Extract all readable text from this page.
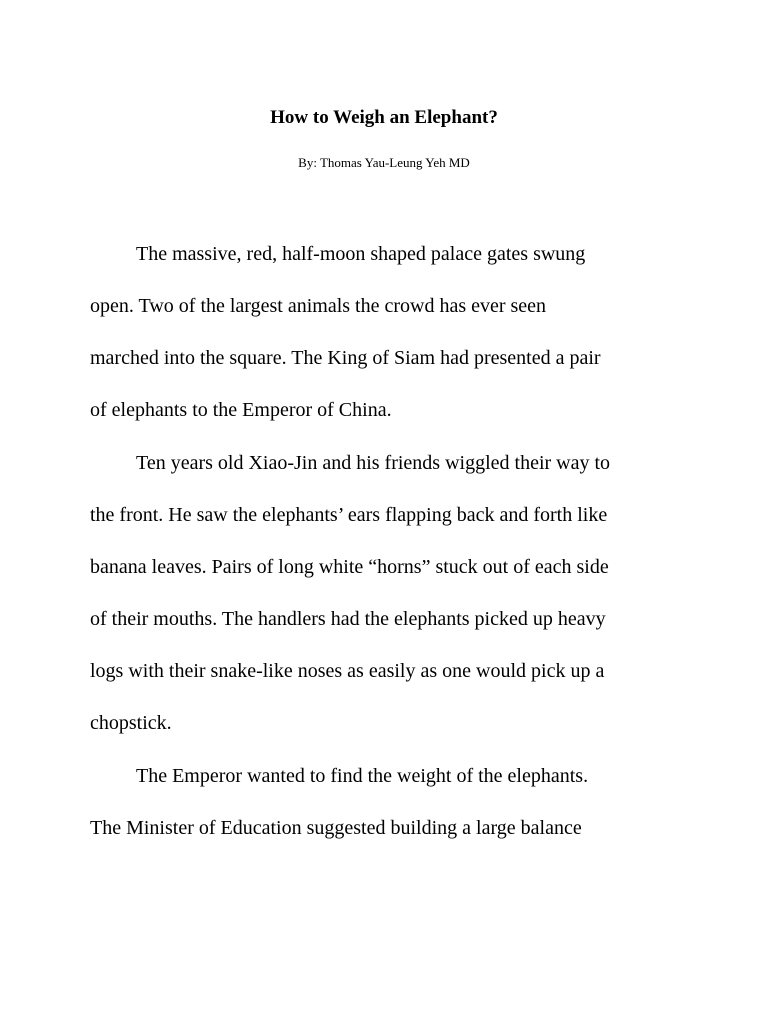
How to Weigh an Elephant?
By: Thomas Yau-Leung Yeh MD
The massive, red, half-moon shaped palace gates swung
open. Two of the largest animals the crowd has ever seen
marched into the square. The King of Siam had presented a pair
of elephants to the Emperor of China.
Ten years old Xiao-Jin and his friends wiggled their way to
the front. He saw the elephants’ ears flapping back and forth like
banana leaves. Pairs of long white “horns” stuck out of each side
of their mouths. The handlers had the elephants picked up heavy
logs with their snake-like noses as easily as one would pick up a
chopstick.
The Emperor wanted to find the weight of the elephants.
The Minister of Education suggested building a large balance
